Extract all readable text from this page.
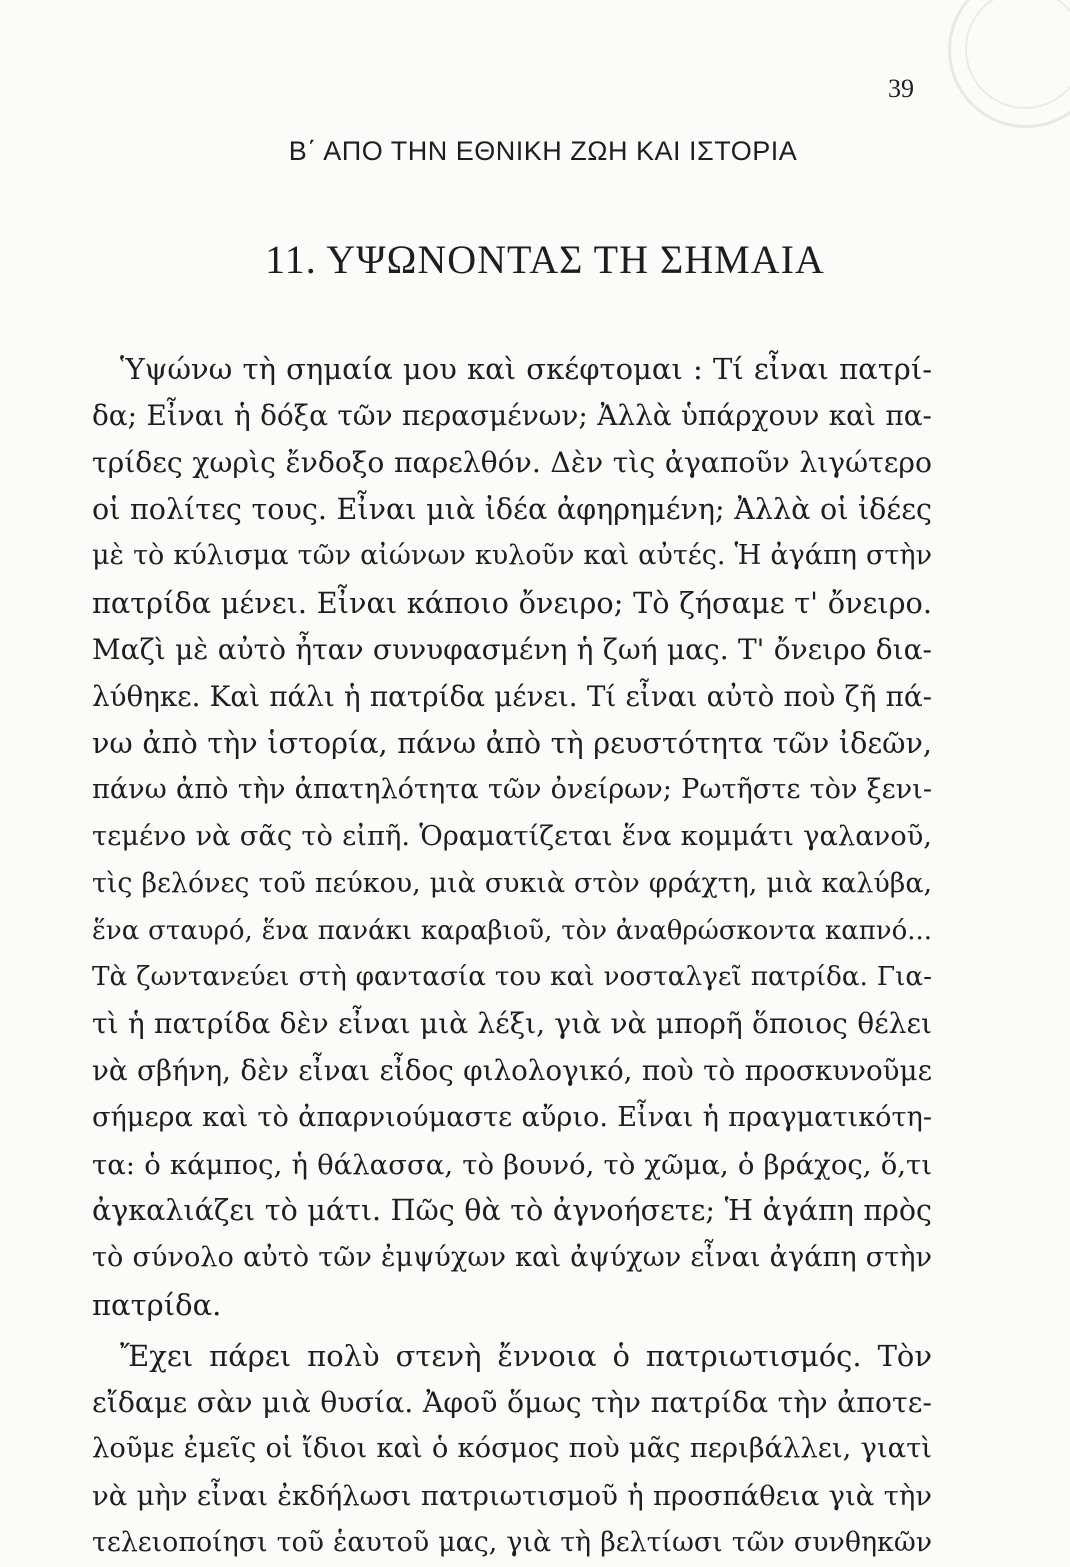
39
Β΄ ΑΠΟ ΤΗΝ ΕΘΝΙΚΗ ΖΩΗ ΚΑΙ ΙΣΤΟΡΙΑ
11. ΥΨΩΝΟΝΤΑΣ ΤΗ ΣΗΜΑΙΑ
Ὑψώνω τὴ σημαία μου καὶ σκέφτομαι : Τί εἶναι πατρί-
δα; Εἶναι ἡ δόξα τῶν περασμένων; Ἀλλὰ ὑπάρχουν καὶ πα-
τρίδες χωρὶς ἔνδοξο παρελθόν. Δὲν τὶς ἀγαποῦν λιγώτερο
οἱ πολίτες τους. Εἶναι μιὰ ἰδέα ἀφηρημένη; Ἀλλὰ οἱ ἰδέες
μὲ τὸ κύλισμα τῶν αἰώνων κυλοῦν καὶ αὐτές. Ἡ ἀγάπη στὴν
πατρίδα μένει. Εἶναι κάποιο ὄνειρο; Τὸ ζήσαμε τ' ὄνειρο.
Μαζὶ μὲ αὐτὸ ἦταν συνυφασμένη ἡ ζωή μας. Τ' ὄνειρο δια-
λύθηκε. Καὶ πάλι ἡ πατρίδα μένει. Τί εἶναι αὐτὸ ποὺ ζῆ πά-
νω ἀπὸ τὴν ἱστορία, πάνω ἀπὸ τὴ ρευστότητα τῶν ἰδεῶν,
πάνω ἀπὸ τὴν ἀπατηλότητα τῶν ὀνείρων; Ρωτῆστε τὸν ξενι-
τεμένο νὰ σᾶς τὸ εἰπῆ. Ὁραματίζεται ἕνα κομμάτι γαλανοῦ,
τὶς βελόνες τοῦ πεύκου, μιὰ συκιὰ στὸν φράχτη, μιὰ καλύβα,
ἕνα σταυρό, ἕνα πανάκι καραβιοῦ, τὸν ἀναθρώσκοντα καπνό...
Τὰ ζωντανεύει στὴ φαντασία του καὶ νοσταλγεῖ πατρίδα. Για-
τὶ ἡ πατρίδα δὲν εἶναι μιὰ λέξι, γιὰ νὰ μπορῆ ὅποιος θέλει
νὰ σβήνη, δὲν εἶναι εἶδος φιλολογικό, ποὺ τὸ προσκυνοῦμε
σήμερα καὶ τὸ ἀπαρνιούμαστε αὔριο. Εἶναι ἡ πραγματικότη-
τα: ὁ κάμπος, ἡ θάλασσα, τὸ βουνό, τὸ χῶμα, ὁ βράχος, ὅ,τι
ἀγκαλιάζει τὸ μάτι. Πῶς θὰ τὸ ἀγνοήσετε; Ἡ ἀγάπη πρὸς
τὸ σύνολο αὐτὸ τῶν ἐμψύχων καὶ ἀψύχων εἶναι ἀγάπη στὴν
πατρίδα.
Ἔχει πάρει πολὺ στενὴ ἔννοια ὁ πατριωτισμός. Τὸν
εἴδαμε σὰν μιὰ θυσία. Ἀφοῦ ὅμως τὴν πατρίδα τὴν ἀποτε-
λοῦμε ἐμεῖς οἱ ἴδιοι καὶ ὁ κόσμος ποὺ μᾶς περιβάλλει, γιατὶ
νὰ μὴν εἶναι ἐκδήλωσι πατριωτισμοῦ ἡ προσπάθεια γιὰ τὴν
τελειοποίησι τοῦ ἑαυτοῦ μας, γιὰ τὴ βελτίωσι τῶν συνθηκῶν
